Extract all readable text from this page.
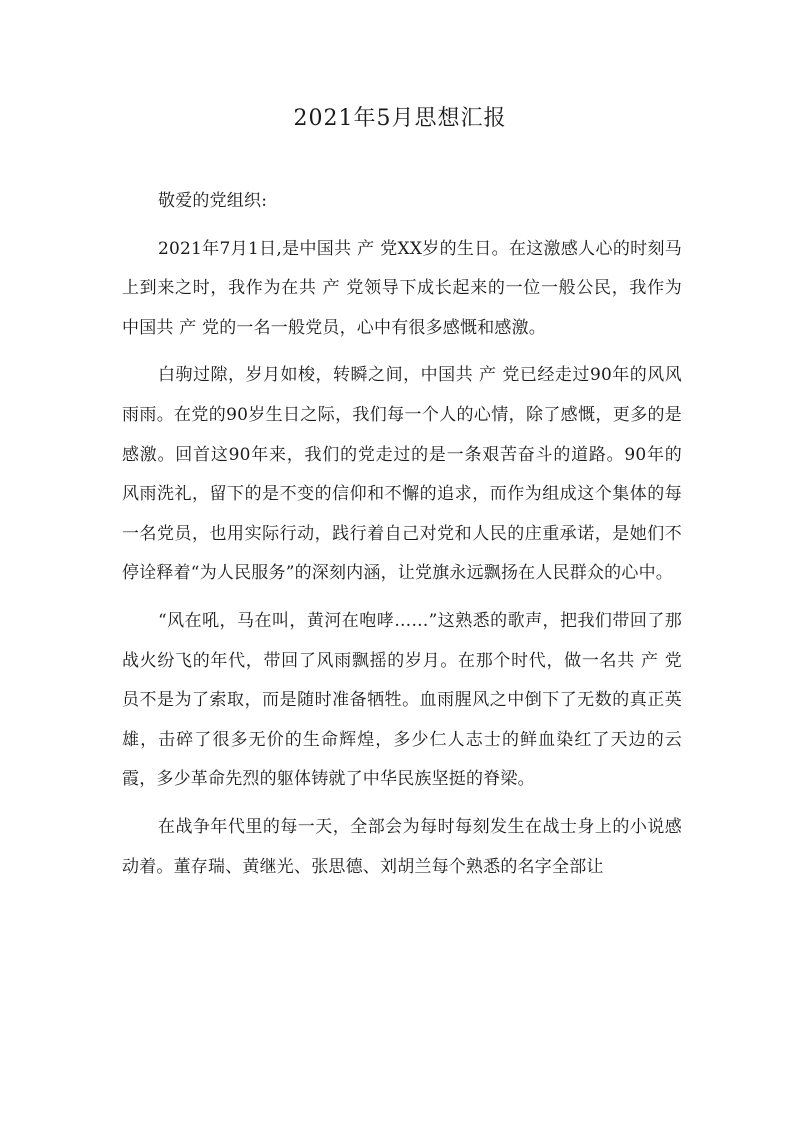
2021年5月思想汇报

敬爱的党组织:

2021年7月1日,是中国共 产 党XX岁的生日。在这激感人心的时刻马上到来之时，我作为在共 产 党领导下成长起来的一位一般公民，我作为中国共 产 党的一名一般党员，心中有很多感慨和感激。

白驹过隙，岁月如梭，转瞬之间，中国共 产 党已经走过90年的风风雨雨。在党的90岁生日之际，我们每一个人的心情，除了感慨，更多的是感激。回首这90年来，我们的党走过的是一条艰苦奋斗的道路。90年的风雨洗礼，留下的是不变的信仰和不懈的追求，而作为组成这个集体的每一名党员，也用实际行动，践行着自己对党和人民的庄重承诺，是她们不停诠释着“为人民服务”的深刻内涵，让党旗永远飘扬在人民群众的心中。

“风在吼，马在叫，黄河在咆哮……”这熟悉的歌声，把我们带回了那战火纷飞的年代，带回了风雨飘摇的岁月。在那个时代，做一名共 产 党员不是为了索取，而是随时准备牺牲。血雨腥风之中倒下了无数的真正英雄，击碎了很多无价的生命辉煌，多少仁人志士的鲜血染红了天边的云霞，多少革命先烈的躯体铸就了中华民族坚挺的脊梁。

在战争年代里的每一天，全部会为每时每刻发生在战士身上的小说感动着。董存瑞、黄继光、张思德、刘胡兰每个熟悉的名字全部让
